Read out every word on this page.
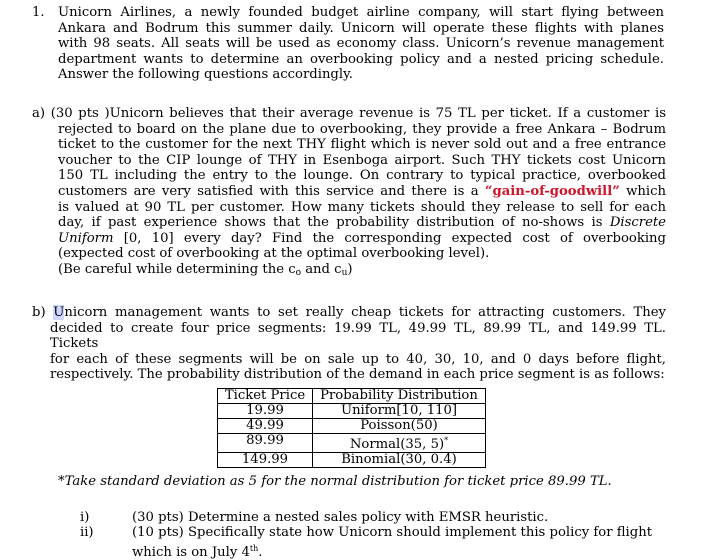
1. Unicorn Airlines, a newly founded budget airline company, will start flying between
Ankara and Bodrum this summer daily. Unicorn will operate these flights with planes
with 98 seats. All seats will be used as economy class. Unicorn’s revenue management
department wants to determine an overbooking policy and a nested pricing schedule.
Answer the following questions accordingly.
a) (30 pts )Unicorn believes that their average revenue is 75 TL per ticket. If a customer is
rejected to board on the plane due to overbooking, they provide a free Ankara – Bodrum
ticket to the customer for the next THY flight which is never sold out and a free entrance
voucher to the CIP lounge of THY in Esenboga airport. Such THY tickets cost Unicorn
150 TL including the entry to the lounge. On contrary to typical practice, overbooked
customers are very satisfied with this service and there is a “gain-of-goodwill” which
is valued at 90 TL per customer. How many tickets should they release to sell for each
day, if past experience shows that the probability distribution of no-shows is Discrete
Uniform [0, 10] every day? Find the corresponding expected cost of overbooking
(expected cost of overbooking at the optimal overbooking level).
(Be careful while determining the $c_o$ and $c_u$)
b) Unicorn management wants to set really cheap tickets for attracting customers. They
decided to create four price segments: 19.99 TL, 49.99 TL, 89.99 TL, and 149.99 TL. Tickets
for each of these segments will be on sale up to 40, 30, 10, and 0 days before flight,
respectively. The probability distribution of the demand in each price segment is as follows:
Ticket Price	Probability Distribution
19.99	Uniform[10, 110]
49.99	Poisson(50)
89.99	Normal(35, 5)*
149.99	Binomial(30, 0.4)
*Take standard deviation as 5 for the normal distribution for ticket price 89.99 TL.
i)	(30 pts) Determine a nested sales policy with EMSR heuristic.
ii)	(10 pts) Specifically state how Unicorn should implement this policy for flight
which is on July 4th.
